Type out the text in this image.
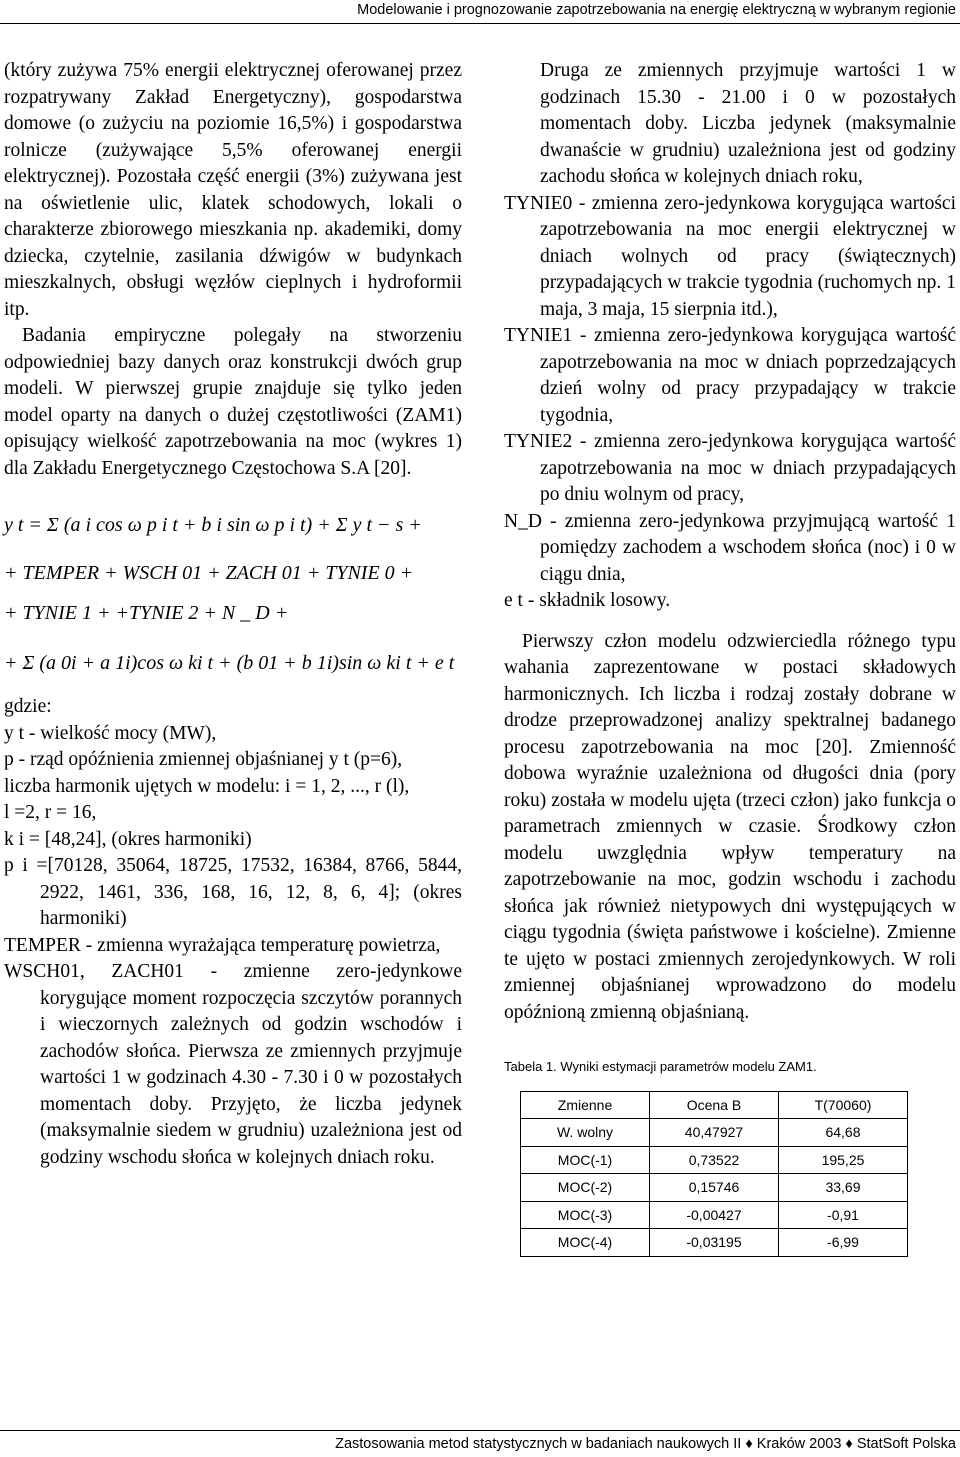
Modelowanie i prognozowanie zapotrzebowania na energię elektryczną w wybranym regionie

(który zużywa 75% energii elektrycznej oferowanej przez rozpatrywany Zakład Energetyczny), gospodarstwa domowe (o zużyciu na poziomie 16,5%) i gospodarstwa rolnicze (zużywające 5,5% oferowanej energii elektrycznej). Pozostała część energii (3%) zużywana jest na oświetlenie ulic, klatek schodowych, lokali o charakterze zbiorowego mieszkania np. akademiki, domy dziecka, czytelnie, zasilania dźwigów w budynkach mieszkalnych, obsługi węzłów cieplnych i hydroformii itp.

Badania empiryczne polegały na stworzeniu odpowiedniej bazy danych oraz konstrukcji dwóch grup modeli. W pierwszej grupie znajduje się tylko jeden model oparty na danych o dużej częstotliwości (ZAM1) opisujący wielkość zapotrzebowania na moc (wykres 1) dla Zakładu Energetycznego Częstochowa S.A [20].

y t = Σ (a i cos ω p i t + b i sin ω p i t) + Σ y t − s +
+ TEMPER + WSCH 01 + ZACH 01 + TYNIE 0 +
+ TYNIE 1 + +TYNIE 2 + N _ D +
+ Σ (a 0i + a 1i)cos ω ki t + (b 01 + b 1i)sin ω ki t + e t

gdzie:

y t - wielkość mocy (MW),

p - rząd opóźnienia zmiennej objaśnianej y t (p=6),

liczba harmonik ujętych w modelu: i = 1, 2, ..., r (l),

l =2, r = 16,

k i = [48,24], (okres harmoniki)

p i =[70128, 35064, 18725, 17532, 16384, 8766, 5844, 2922, 1461, 336, 168, 16, 12, 8, 6, 4]; (okres harmoniki)

TEMPER - zmienna wyrażająca temperaturę powietrza,

WSCH01, ZACH01 - zmienne zero-jedynkowe korygujące moment rozpoczęcia szczytów porannych i wieczornych zależnych od godzin wschodów i zachodów słońca. Pierwsza ze zmiennych przyjmuje wartości 1 w godzinach 4.30 - 7.30 i 0 w pozostałych momentach doby. Przyjęto, że liczba jedynek (maksymalnie siedem w grudniu) uzależniona jest od godziny wschodu słońca w kolejnych dniach roku.

Druga ze zmiennych przyjmuje wartości 1 w godzinach 15.30 - 21.00 i 0 w pozostałych momentach doby. Liczba jedynek (maksymalnie dwanaście w grudniu) uzależniona jest od godziny zachodu słońca w kolejnych dniach roku,

TYNIE0 - zmienna zero-jedynkowa korygująca wartości zapotrzebowania na moc energii elektrycznej w dniach wolnych od pracy (świątecznych) przypadających w trakcie tygodnia (ruchomych np. 1 maja, 3 maja, 15 sierpnia itd.),

TYNIE1 - zmienna zero-jedynkowa korygująca wartość zapotrzebowania na moc w dniach poprzedzających dzień wolny od pracy przypadający w trakcie tygodnia,

TYNIE2 - zmienna zero-jedynkowa korygująca wartość zapotrzebowania na moc w dniach przypadających po dniu wolnym od pracy,

N_D - zmienna zero-jedynkowa przyjmującą wartość 1 pomiędzy zachodem a wschodem słońca (noc) i 0 w ciągu dnia,

e t - składnik losowy.

Pierwszy człon modelu odzwierciedla różnego typu wahania zaprezentowane w postaci składowych harmonicznych. Ich liczba i rodzaj zostały dobrane w drodze przeprowadzonej analizy spektralnej badanego procesu zapotrzebowania na moc [20]. Zmienność dobowa wyraźnie uzależniona od długości dnia (pory roku) została w modelu ujęta (trzeci człon) jako funkcja o parametrach zmiennych w czasie. Środkowy człon modelu uwzględnia wpływ temperatury na zapotrzebowanie na moc, godzin wschodu i zachodu słońca jak również nietypowych dni występujących w ciągu tygodnia (święta państwowe i kościelne). Zmienne te ujęto w postaci zmiennych zerojedynkowych. W roli zmiennej objaśnianej wprowadzono do modelu opóźnioną zmienną objaśnianą.

Tabela 1. Wyniki estymacji parametrów modelu ZAM1.
Zmienne	Ocena B	T(70060)
W. wolny	40,47927	64,68
MOC(-1)	0,73522	195,25
MOC(-2)	0,15746	33,69
MOC(-3)	-0,00427	-0,91
MOC(-4)	-0,03195	-6,99
Zastosowania metod statystycznych w badaniach naukowych II ♦ Kraków 2003 ♦ StatSoft Polska
